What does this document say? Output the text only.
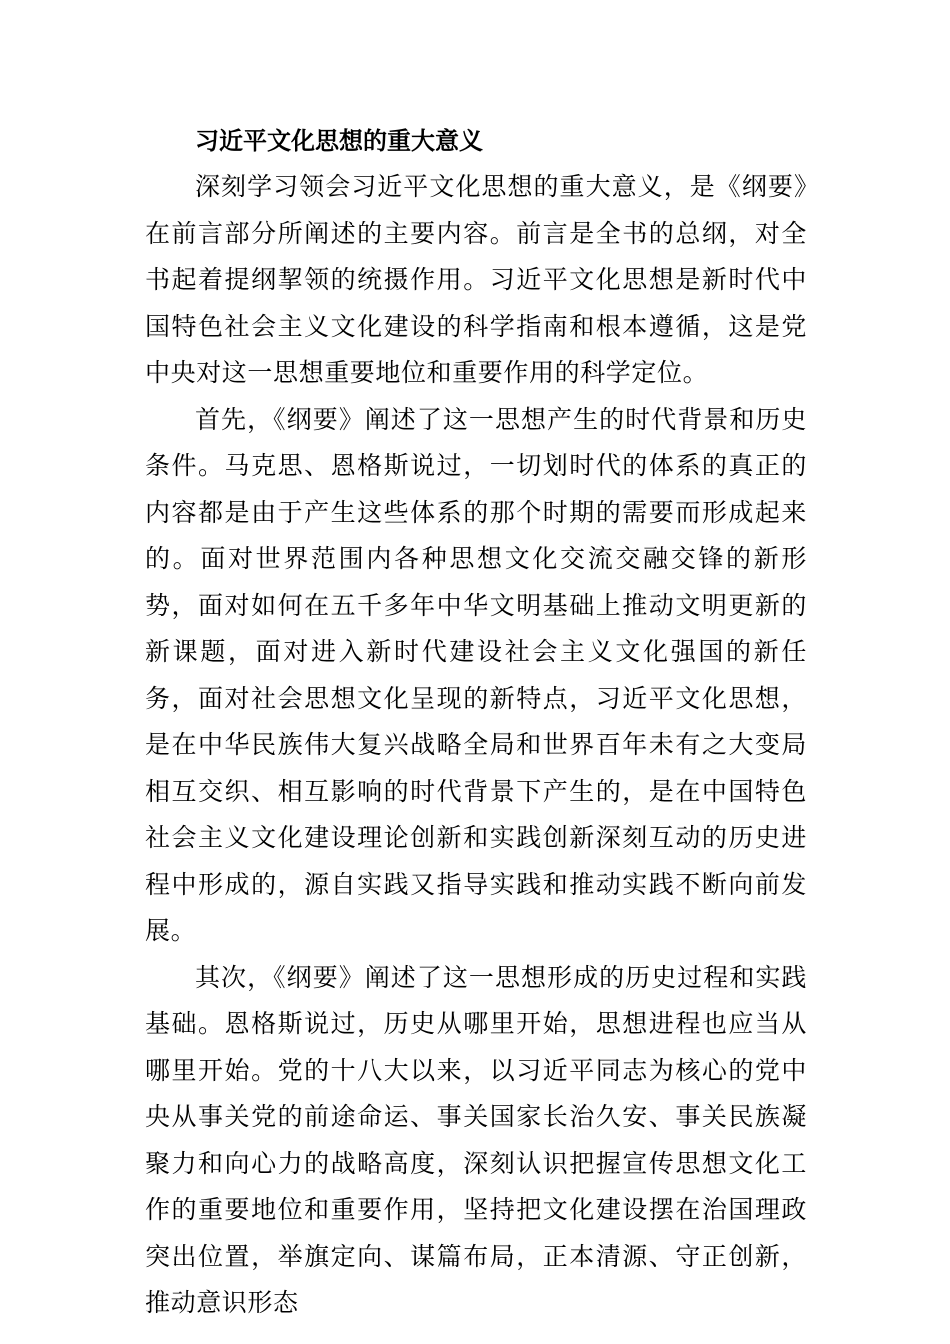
习近平文化思想的重大意义

深刻学习领会习近平文化思想的重大意义，是《纲要》在前言部分所阐述的主要内容。前言是全书的总纲，对全书起着提纲挈领的统摄作用。习近平文化思想是新时代中国特色社会主义文化建设的科学指南和根本遵循，这是党中央对这一思想重要地位和重要作用的科学定位。

首先，《纲要》阐述了这一思想产生的时代背景和历史条件。马克思、恩格斯说过，一切划时代的体系的真正的内容都是由于产生这些体系的那个时期的需要而形成起来的。面对世界范围内各种思想文化交流交融交锋的新形势，面对如何在五千多年中华文明基础上推动文明更新的新课题，面对进入新时代建设社会主义文化强国的新任务，面对社会思想文化呈现的新特点，习近平文化思想，是在中华民族伟大复兴战略全局和世界百年未有之大变局相互交织、相互影响的时代背景下产生的，是在中国特色社会主义文化建设理论创新和实践创新深刻互动的历史进程中形成的，源自实践又指导实践和推动实践不断向前发展。

其次，《纲要》阐述了这一思想形成的历史过程和实践基础。恩格斯说过，历史从哪里开始，思想进程也应当从哪里开始。党的十八大以来，以习近平同志为核心的党中央从事关党的前途命运、事关国家长治久安、事关民族凝聚力和向心力的战略高度，深刻认识把握宣传思想文化工作的重要地位和重要作用，坚持把文化建设摆在治国理政突出位置，举旗定向、谋篇布局，正本清源、守正创新，推动意识形态
